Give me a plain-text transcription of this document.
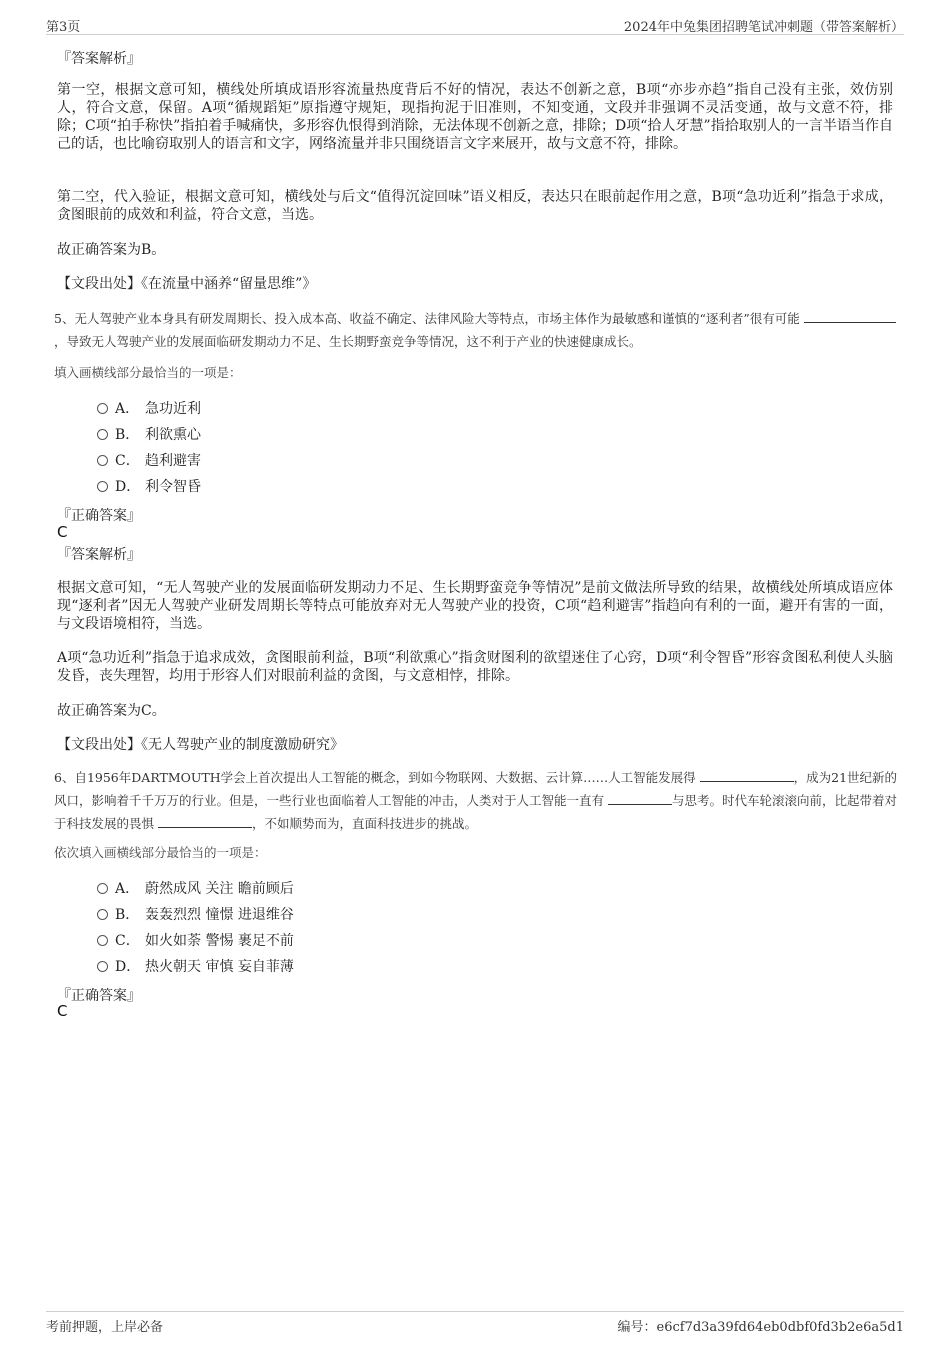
第3页	2024年中兔集团招聘笔试冲刺题（带答案解析）
『答案解析』
第一空，根据文意可知，横线处所填成语形容流量热度背后不好的情况，表达不创新之意，B项“亦步亦趋”指自己没有主张，效仿别人，符合文意，保留。A项“循规蹈矩”原指遵守规矩，现指拘泥于旧准则，不知变通，文段并非强调不灵活变通，故与文意不符，排除；C项“拍手称快”指拍着手喊痛快，多形容仇恨得到消除，无法体现不创新之意，排除；D项“拾人牙慧”指拾取别人的一言半语当作自己的话，也比喻窃取别人的语言和文字，网络流量并非只围绕语言文字来展开，故与文意不符，排除。
第二空，代入验证，根据文意可知，横线处与后文“值得沉淀回味”语义相反，表达只在眼前起作用之意，B项“急功近利”指急于求成，贪图眼前的成效和利益，符合文意，当选。
故正确答案为B。
【文段出处】《在流量中涵养“留量思维”》
5、无人驾驶产业本身具有研发周期长、投入成本高、收益不确定、法律风险大等特点，市场主体作为最敏感和谨慎的“逐利者”很有可能 ，导致无人驾驶产业的发展面临研发期动力不足、生长期野蛮竞争等情况，这不利于产业的快速健康成长。
填入画横线部分最恰当的一项是：
A． 急功近利
B． 利欲熏心
C． 趋利避害
D． 利令智昏
『正确答案』
C
『答案解析』
根据文意可知，“无人驾驶产业的发展面临研发期动力不足、生长期野蛮竞争等情况”是前文做法所导致的结果，故横线处所填成语应体现“逐利者”因无人驾驶产业研发周期长等特点可能放弃对无人驾驶产业的投资，C项“趋利避害”指趋向有利的一面，避开有害的一面，与文段语境相符，当选。
A项“急功近利”指急于追求成效，贪图眼前利益，B项“利欲熏心”指贪财图利的欲望迷住了心窍，D项“利令智昏”形容贪图私利使人头脑发昏，丧失理智，均用于形容人们对眼前利益的贪图，与文意相悖，排除。
故正确答案为C。
【文段出处】《无人驾驶产业的制度激励研究》
6、自1956年DARTMOUTH学会上首次提出人工智能的概念，到如今物联网、大数据、云计算……人工智能发展得	，成为21世纪新的风口，影响着千千万万的行业。但是，一些行业也面临着人工智能的冲击，人类对于人工智能一直有	与思考。时代车轮滚滚向前，比起带着对于科技发展的畏惧	，不如顺势而为，直面科技进步的挑战。
依次填入画横线部分最恰当的一项是：
A． 蔚然成风 关注 瞻前顾后
B． 轰轰烈烈 憧憬 进退维谷
C． 如火如荼 警惕 裹足不前
D． 热火朝天 审慎 妄自菲薄
『正确答案』
C
考前押题，上岸必备	编号：e6cf7d3a39fd64eb0dbf0fd3b2e6a5d1
